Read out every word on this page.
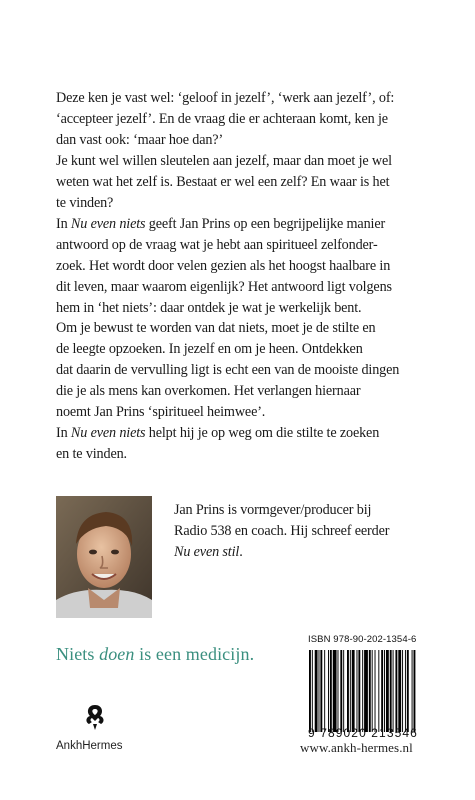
Deze ken je vast wel: ‘geloof in jezelf’, ‘werk aan jezelf’, of:

‘accepteer jezelf’. En de vraag die er achteraan komt, ken je

dan vast ook: ‘maar hoe dan?’

Je kunt wel willen sleutelen aan jezelf, maar dan moet je wel

weten wat het zelf is. Bestaat er wel een zelf? En waar is het

te vinden?

In Nu even niets geeft Jan Prins op een begrijpelijke manier

antwoord op de vraag wat je hebt aan spiritueel zelfonder-

zoek. Het wordt door velen gezien als het hoogst haalbare in

dit leven, maar waarom eigenlijk? Het antwoord ligt volgens

hem in ‘het niets’: daar ontdek je wat je werkelijk bent.

Om je bewust te worden van dat niets, moet je de stilte en

de leegte opzoeken. In jezelf en om je heen. Ontdekken

dat daarin de vervulling ligt is echt een van de mooiste dingen

die je als mens kan overkomen. Het verlangen hiernaar

noemt Jan Prins ‘spiritueel heimwee’.

In Nu even niets helpt hij je op weg om die stilte te zoeken

en te vinden.

Jan Prins is vormgever/producer bij

Radio 538 en coach. Hij schreef eerder

Nu even stil.

Niets doen is een medicijn.
ISBN 978-90-202-1354-6
9 789020 213546
AnkhHermes	www.ankh-hermes.nl
